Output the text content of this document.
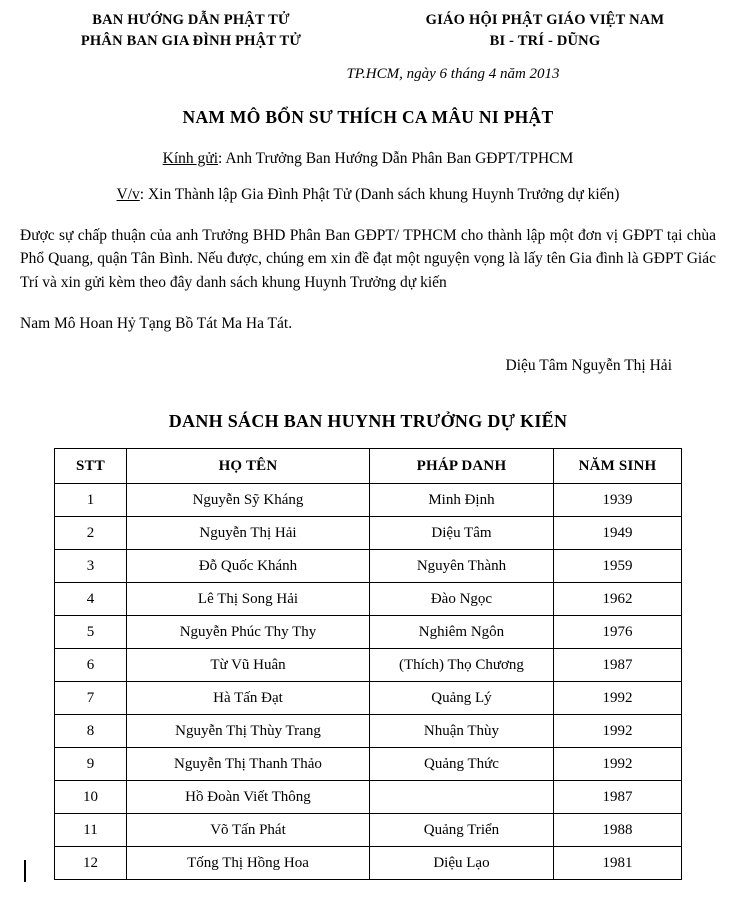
BAN HƯỚNG DẪN PHẬT TỬ
PHÂN BAN GIA ĐÌNH PHẬT TỬ
GIÁO HỘI PHẬT GIÁO VIỆT NAM
BI - TRÍ - DŨNG
TP.HCM, ngày 6 tháng 4 năm 2013
NAM MÔ BỔN SƯ THÍCH CA MÂU NI PHẬT
Kính gửi: Anh Trưởng Ban Hướng Dẫn Phân Ban GĐPT/TPHCM
V/v: Xin Thành lập Gia Đình Phật Tử (Danh sách khung Huynh Trưởng dự kiến)
Được sự chấp thuận của anh Trưởng BHD Phân Ban GĐPT/ TPHCM cho thành lập một đơn vị GĐPT tại chùa Phổ Quang, quận Tân Bình. Nếu được, chúng em xin đề đạt một nguyện vọng là lấy tên Gia đình là GĐPT Giác Trí và xin gửi kèm theo đây danh sách khung Huynh Trưởng dự kiến
Nam Mô Hoan Hỷ Tạng Bồ Tát Ma Ha Tát.
Diệu Tâm Nguyễn Thị Hải
DANH SÁCH BAN HUYNH TRƯỞNG DỰ KIẾN
STT	HỌ TÊN	PHÁP DANH	NĂM SINH
1	Nguyễn Sỹ Kháng	Minh Định	1939
2	Nguyễn Thị Hải	Diệu Tâm	1949
3	Đỗ Quốc Khánh	Nguyên Thành	1959
4	Lê Thị Song Hải	Đào Ngọc	1962
5	Nguyễn Phúc Thy Thy	Nghiêm Ngôn	1976
6	Từ Vũ Huân	(Thích) Thọ Chương	1987
7	Hà Tấn Đạt	Quảng Lý	1992
8	Nguyễn Thị Thùy Trang	Nhuận Thùy	1992
9	Nguyễn Thị Thanh Thảo	Quảng Thức	1992
10	Hồ Đoàn Viết Thông		1987
11	Võ Tấn Phát	Quảng Triển	1988
12	Tống Thị Hồng Hoa	Diệu Lạo	1981
